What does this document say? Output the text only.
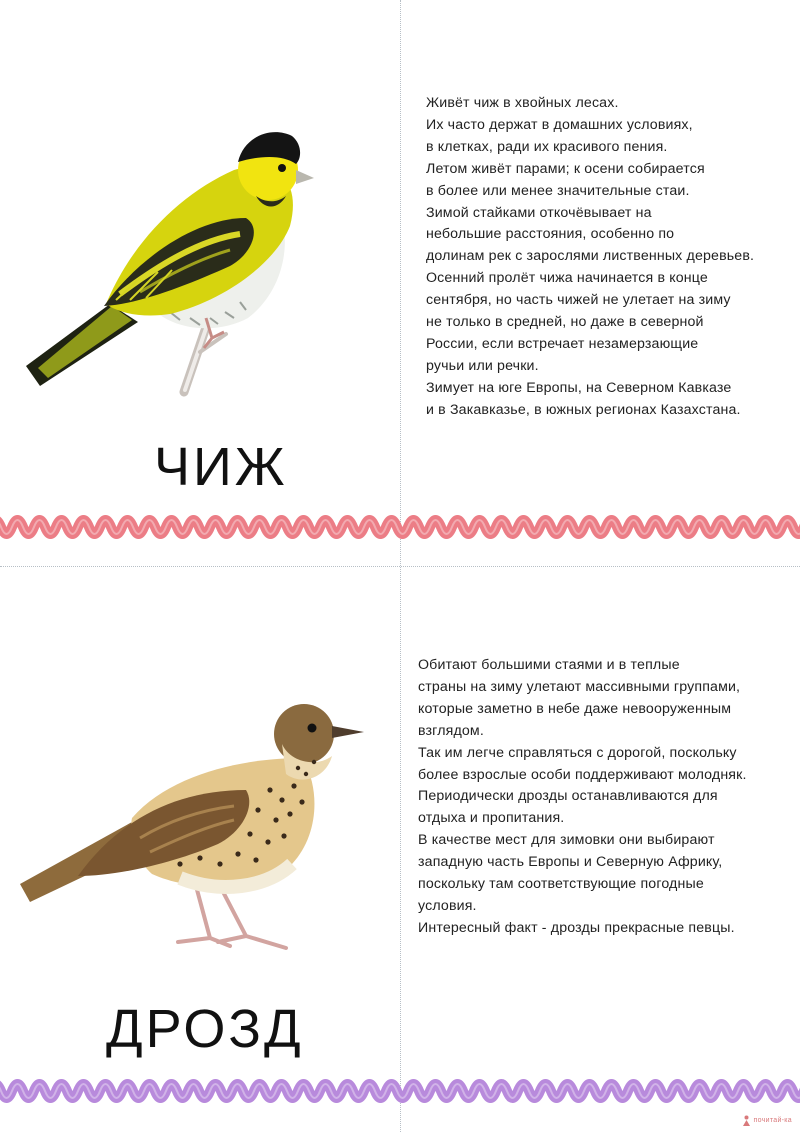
ЧИЖ
Живёт чиж в хвойных лесах.
Их часто держат в домашних условиях,
в клетках, ради их красивого пения.
Летом живёт парами; к осени собирается
в более или менее значительные стаи.
Зимой стайками откочёвывает на
небольшие расстояния, особенно по
долинам рек с зарослями лиственных деревьев.
Осенний пролёт чижа начинается в конце
сентября, но часть чижей не улетает на зиму
не только в средней, но даже в северной
России, если встречает незамерзающие
ручьи или речки.
Зимует на юге Европы, на Северном Кавказе
и в Закавказье, в южных регионах Казахстана.
ДРОЗД
Обитают большими стаями и в теплые
страны на зиму улетают массивными группами,
которые заметно в небе даже невооруженным
взглядом.
Так им легче справляться с дорогой, поскольку
более взрослые особи поддерживают молодняк.
Периодически дрозды останавливаются для
отдыха и пропитания.
В качестве мест для зимовки они выбирают
западную часть Европы и Северную Африку,
поскольку там соответствующие погодные
условия.
Интересный факт - дрозды прекрасные певцы.
почитай-ка
